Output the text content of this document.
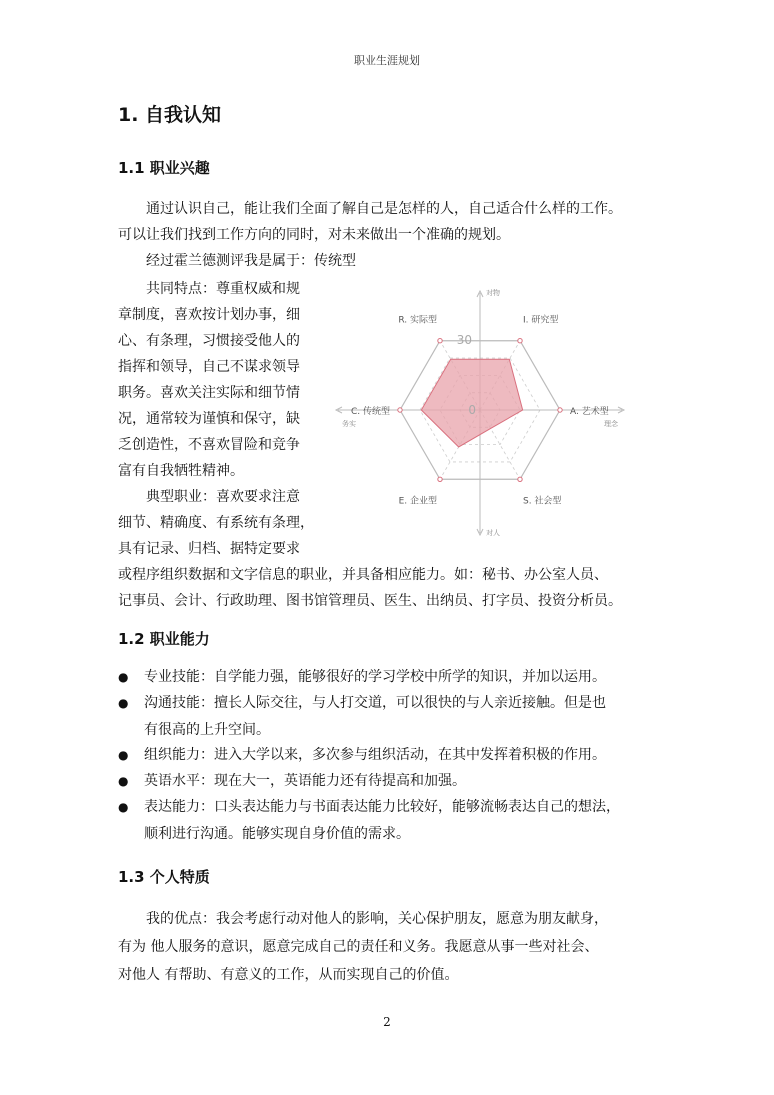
职业生涯规划
1. 自我认知
1.1 职业兴趣
通过认识自己，能让我们全面了解自己是怎样的人，自己适合什么样的工作。
可以让我们找到工作方向的同时，对未来做出一个准确的规划。
经过霍兰德测评我是属于：传统型
共同特点：尊重权威和规
章制度，喜欢按计划办事，细
心、有条理，习惯接受他人的
指挥和领导，自己不谋求领导
职务。喜欢关注实际和细节情
况，通常较为谨慎和保守，缺
乏创造性，不喜欢冒险和竞争
富有自我牺牲精神。
典型职业：喜欢要求注意
细节、精确度、有系统有条理，
具有记录、归档、据特定要求
I. 研究型
A. 艺术型
S. 社会型
E. 企业型
C. 传统型
R. 实际型
对物
对人
务实	理念
30
0
或程序组织数据和文字信息的职业，并具备相应能力。如：秘书、办公室人员、
记事员、会计、行政助理、图书馆管理员、医生、出纳员、打字员、投资分析员。
1.2 职业能力
● 专业技能：自学能力强，能够很好的学习学校中所学的知识，并加以运用。
● 沟通技能：擅长人际交往，与人打交道，可以很快的与人亲近接触。但是也
有很高的上升空间。
● 组织能力：进入大学以来，多次参与组织活动，在其中发挥着积极的作用。
● 英语水平：现在大一，英语能力还有待提高和加强。
● 表达能力：口头表达能力与书面表达能力比较好，能够流畅表达自己的想法，
顺利进行沟通。能够实现自身价值的需求。
1.3 个人特质
我的优点：我会考虑行动对他人的影响，关心保护朋友，愿意为朋友献身，
有为 他人服务的意识，愿意完成自己的责任和义务。我愿意从事一些对社会、
对他人 有帮助、有意义的工作，从而实现自己的价值。
2
